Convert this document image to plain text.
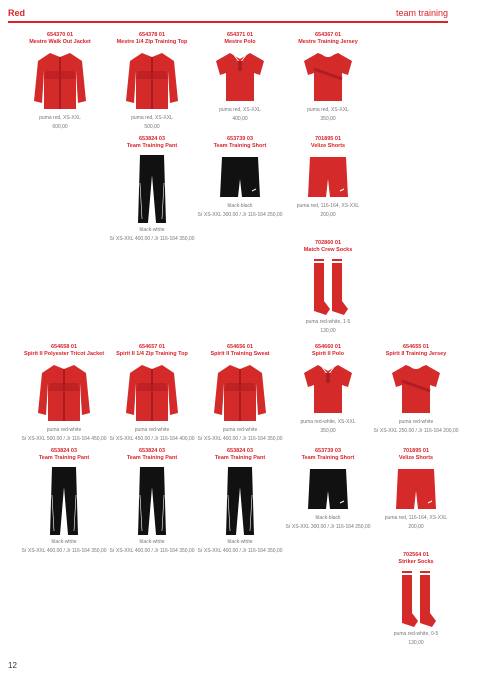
Red	team training
654370 01
Mestre Walk Out Jacket
puma red, XS-XXL
600,00
654378 01
Mestre 1/4 Zip Training Top
puma red, XS-XXL
500,00
654371 01
Mestre Polo
puma red, XS-XXL
400,00
654367 01
Mestre Training Jersey
puma red, XS-XXL
350,00
653824 03
Team Training Pant
black-white
Sr XS-XXL 400,00 / Jr 116-164 350,00
653739 03
Team Training Short
black-black
Sr XS-XXL 300,00 / Jr 116-164 250,00
701895 01
Velize Shorts
puma red, 116-164, XS-XXL
200,00
702860 01
Match Crew Socks
puma red-white, 1-5
130,00
654658 01
Spirit II Polyester Tricot Jacket
puma red-white
Sr XS-XXL 500,00 / Jr 116-164 450,00
654657 01
Spirit II 1/4 Zip Training Top
puma red-white
Sr XS-XXL 450,00 / Jr 116-164 400,00
654656 01
Spirit II Training Sweat
puma red-white
Sr XS-XXL 400,00 / Jr 116-164 350,00
654660 01
Spirit II Polo
puma red-white, XS-XXL
350,00
654655 01
Spirit II Training Jersey
puma red-white
Sr XS-XXL 250,00 / Jr 116-164 200,00
653824 03
Team Training Pant
black-white
Sr XS-XXL 400,00 / Jr 116-164 350,00
653824 03
Team Training Pant
black-white
Sr XS-XXL 400,00 / Jr 116-164 350,00
653824 03
Team Training Pant
black-white
Sr XS-XXL 400,00 / Jr 116-164 350,00
653739 03
Team Training Short
black-black
Sr XS-XXL 300,00 / Jr 116-164 250,00
701895 01
Velize Shorts
puma red, 116-164, XS-XXL
200,00
702564 01
Striker Socks
puma red-white, 0-5
130,00
12
